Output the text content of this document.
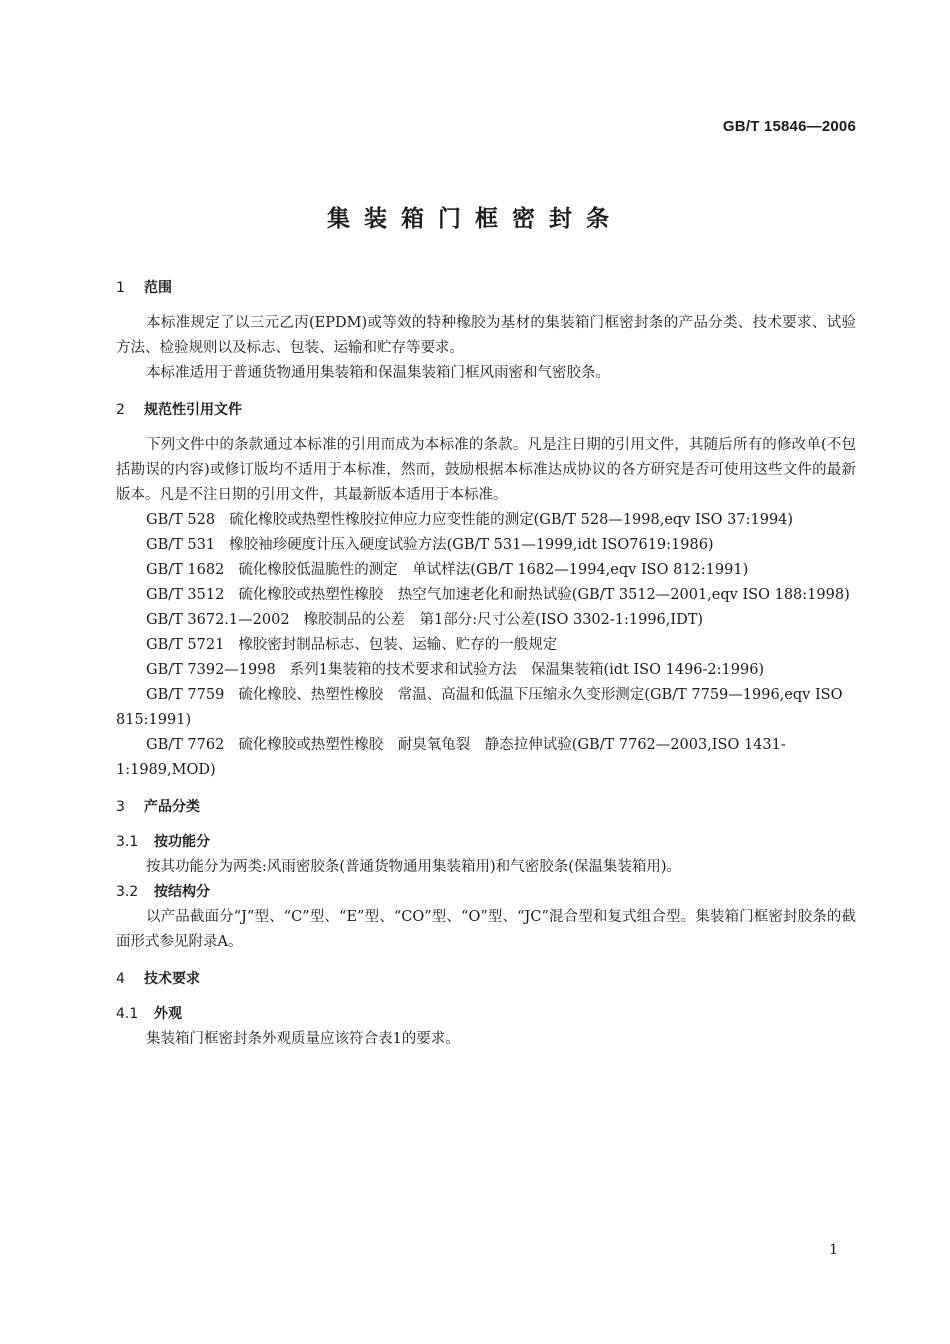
GB/T 15846—2006
集装箱门框密封条
1 范围

本标准规定了以三元乙丙(EPDM)或等效的特种橡胶为基材的集装箱门框密封条的产品分类、技术要求、试验方法、检验规则以及标志、包装、运输和贮存等要求。

本标准适用于普通货物通用集装箱和保温集装箱门框风雨密和气密胶条。

2 规范性引用文件

下列文件中的条款通过本标准的引用而成为本标准的条款。凡是注日期的引用文件，其随后所有的修改单(不包括勘误的内容)或修订版均不适用于本标准，然而，鼓励根据本标准达成协议的各方研究是否可使用这些文件的最新版本。凡是不注日期的引用文件，其最新版本适用于本标准。

GB/T 528 硫化橡胶或热塑性橡胶拉伸应力应变性能的测定(GB/T 528—1998,eqv ISO 37:1994)

GB/T 531 橡胶袖珍硬度计压入硬度试验方法(GB/T 531—1999,idt ISO7619:1986)

GB/T 1682 硫化橡胶低温脆性的测定　单试样法(GB/T 1682—1994,eqv ISO 812:1991)

GB/T 3512 硫化橡胶或热塑性橡胶　热空气加速老化和耐热试验(GB/T 3512—2001,eqv ISO 188:1998)

GB/T 3672.1—2002 橡胶制品的公差　第1部分:尺寸公差(ISO 3302-1:1996,IDT)

GB/T 5721 橡胶密封制品标志、包装、运输、贮存的一般规定

GB/T 7392—1998 系列1集装箱的技术要求和试验方法　保温集装箱(idt ISO 1496-2:1996)

GB/T 7759 硫化橡胶、热塑性橡胶　常温、高温和低温下压缩永久变形测定(GB/T 7759—1996,eqv ISO 815:1991)

GB/T 7762 硫化橡胶或热塑性橡胶　耐臭氧龟裂　静态拉伸试验(GB/T 7762—2003,ISO 1431-1:1989,MOD)

3 产品分类
3.1 按功能分

按其功能分为两类:风雨密胶条(普通货物通用集装箱用)和气密胶条(保温集装箱用)。

3.2 按结构分

以产品截面分“J”型、“C”型、“E”型、“CO”型、“O”型、“JC”混合型和复式组合型。集装箱门框密封胶条的截面形式参见附录A。

4 技术要求
4.1 外观

集装箱门框密封条外观质量应该符合表1的要求。

1
